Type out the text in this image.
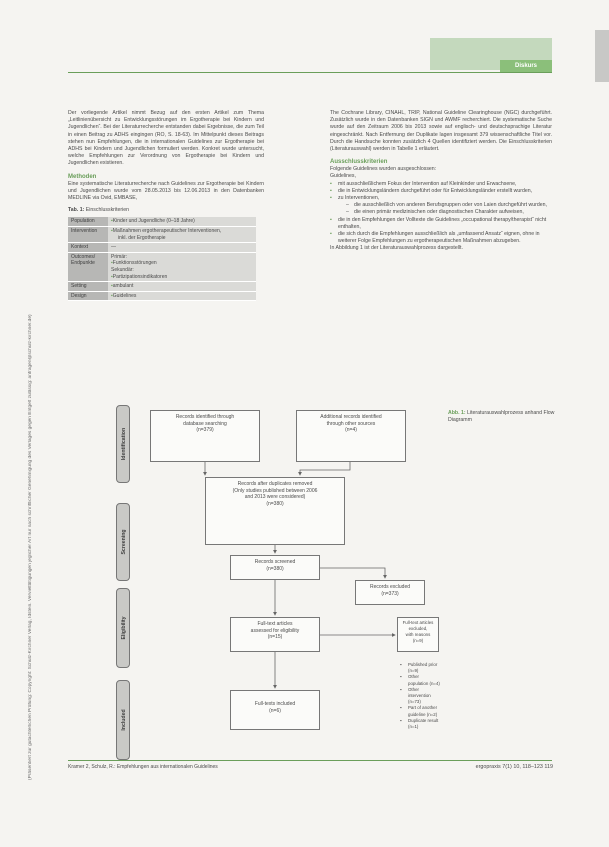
Diskurs
(Präsentiert zur gutachterlichen Prüfung: Copyright: Schulz-Kirchner Verlag, Idstein. Vervielfältigungen jeglicher Art nur nach schriftlicher Genehmigung des Verlages gegen Entgelt zulässig: anfragen@schulz-kirchner.de)

Der vorliegende Artikel nimmt Bezug auf den ersten Artikel zum Thema „Leitlinienübersicht zu Entwicklungsstörungen im Ergotherapie bei Kindern und Jugendlichen“. Bei der Literaturrecherche entstanden dabei Ergebnisse, die zum Teil in einen Beitrag zu ADHS eingingen (RO, S. 18-63). Im Mittelpunkt dieses Beitrags stehen nun Empfehlungen, die in internationalen Guidelines zur Ergotherapie bei ADHS bei Kindern und Jugendlichen formuliert werden. Konkret wurde untersucht, welche Empfehlungen zur Verordnung von Ergotherapie bei Kindern und Jugendlichen existieren.

Methoden

Eine systematische Literaturrecherche nach Guidelines zur Ergotherapie bei Kindern und Jugendlichen wurde vom 28.05.2013 bis 12.06.2013 in den Datenbanken MEDLINE via Ovid, EMBASE,

Tab. 1: Einschlusskriterien
Population	▪ Kinder und Jugendliche (0–18 Jahre)

Intervention	▪ Maßnahmen ergotherapeutischer Interventionen,
inkl. der Ergotherapie

Kontext	—
Outcomes/ Endpunkte	Primär:
▪ Funktionsstörungen
Sekundär:
▪ Partizipationsindikatoren

Setting	▪ ambulant

Design	▪ Guidelines

The Cochrane Library, CINAHL, TRIP, National Guideline Clearinghouse (NGC) durchgeführt. Zusätzlich wurde in den Datenbanken SIGN und AWMF recherchiert. Die systematische Suche wurde auf den Zeitraum 2006 bis 2013 sowie auf englisch- und deutschsprachige Literatur eingeschränkt. Nach Entfernung der Duplikate lagen insgesamt 379 wissenschaftliche Titel vor. Durch die Handsuche konnten zusätzlich 4 Quellen identifiziert werden. Die Einschlusskriterien (Literaturauswahl) werden in Tabelle 1 erläutert.

Ausschlusskriterien
Folgende Guidelines wurden ausgeschlossen:
Guidelines,
▪ mit ausschließlichem Fokus der Intervention auf Kleinkinder und Erwachsene,
▪ die in Entwicklungsländern durchgeführt oder für Entwicklungsländer erstellt wurden,
▪ zu Interventionen,
– die ausschließlich von anderen Berufsgruppen oder von Laien durchgeführt wurden,
– die einen primär medizinischen oder diagnostischen Charakter aufweisen,
▪ die in den Empfehlungen der Volltexte die Guidelines „occupational therapy/therapist“ nicht enthalten,
▪ die sich durch die Empfehlungen ausschließlich als „umfassend Ansatz“ eignen, ohne in weiterer Folge Empfehlungen zu ergotherapeutischen Maßnahmen abzugeben.
In Abbildung 1 ist der Literaturauswahlprozess dargestellt.
Identification
Screening
Eligibility
Included
Records identified through
database searching
(n=379)
Additional records identified
through other sources
(n=4)
Records after duplicates removed
(Only studies published between 2006
and 2013 were considered)
(n=380)
Records screened
(n=380)
Records excluded
(n=373)
Full-text articles
assessed for eligibility
(n=15)
Full-text articles excluded,
with reasons
(n=9)
▪ Published prior (n=9)
▪ Other population (n=4)
▪ Other intervention (n=73)
▪ Part of another guideline (n=2)
▪ Duplicate result (n=1)
Full-texts included
(n=6)
Abb. 1: Literaturauswahlprozess anhand Flow Diagramm
Kramer 2, Schulz, R.: Empfehlungen aus internationalen Guidelines	ergopraxis 7(1) 10, 118–123 119
